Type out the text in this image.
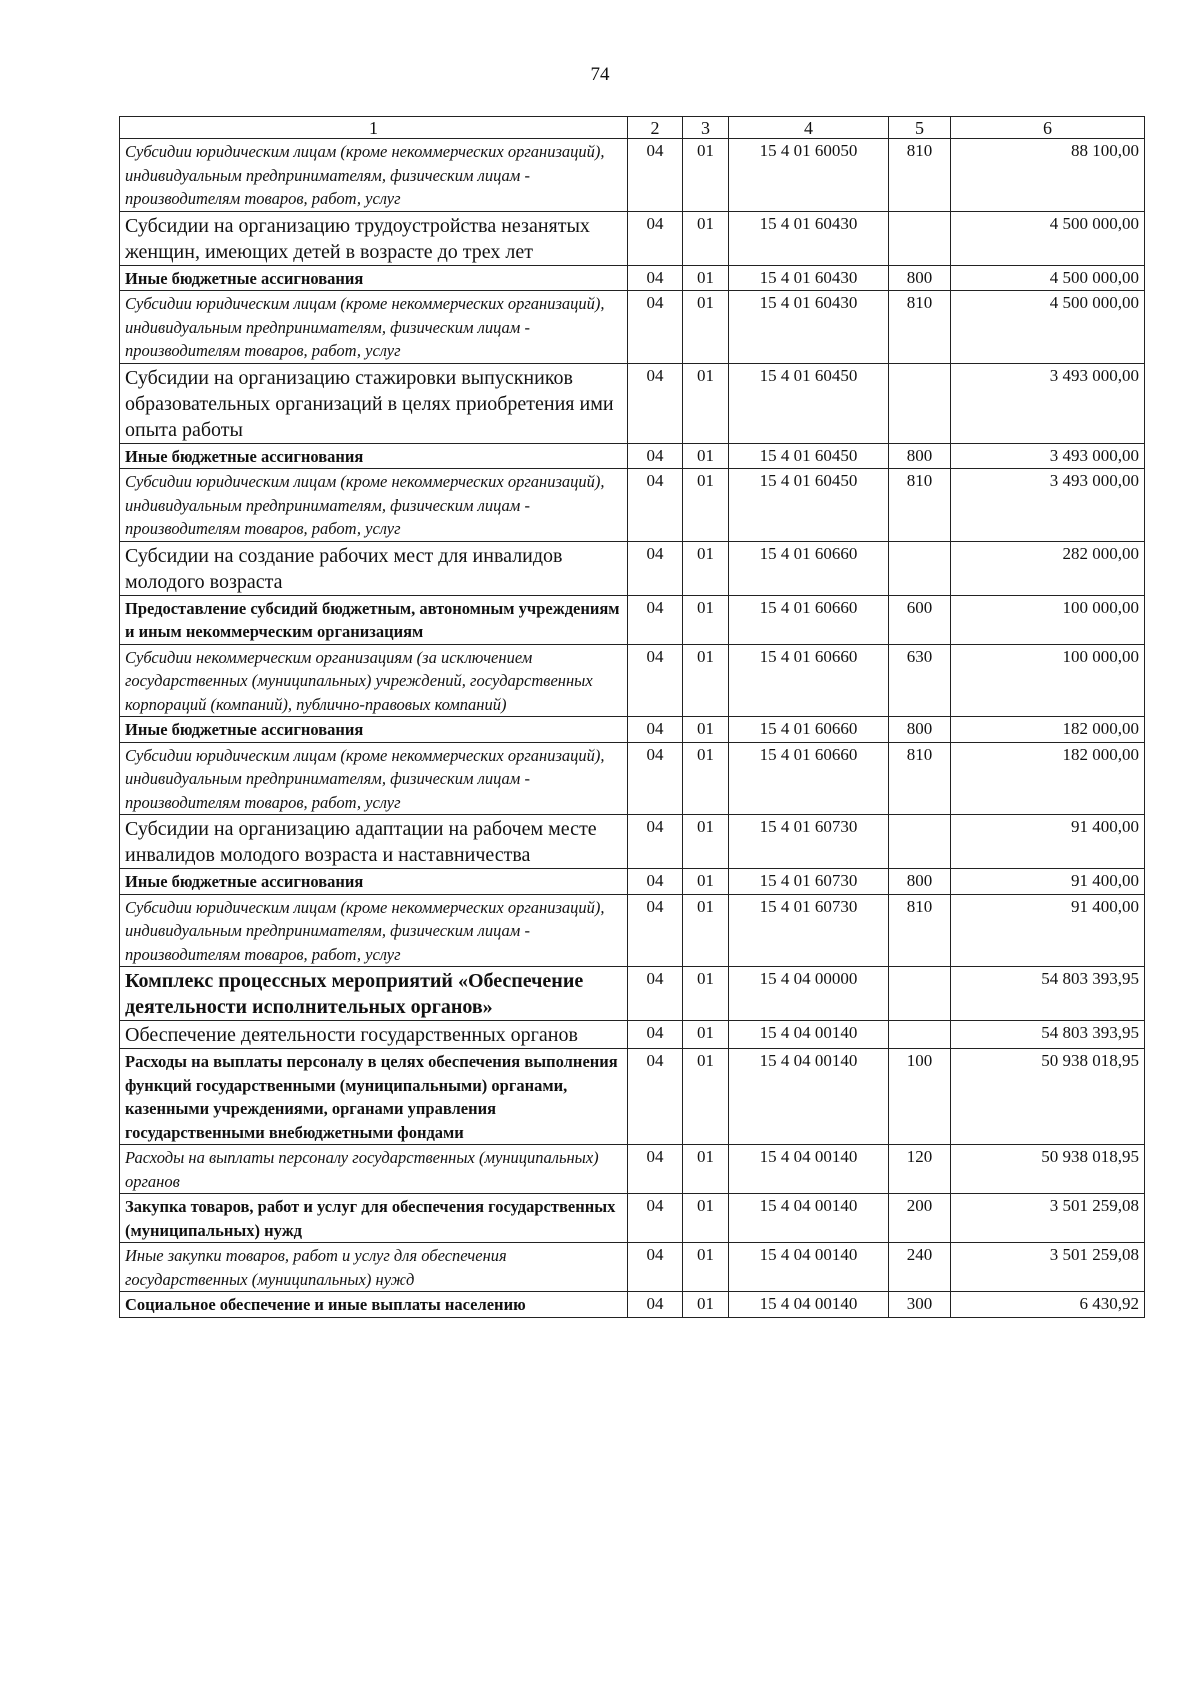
74
1	2	3	4	5	6
Субсидии юридическим лицам (кроме некоммерческих организаций), индивидуальным предпринимателям, физическим лицам - производителям товаров, работ, услуг	04	01	15 4 01 60050	810	88 100,00
Субсидии на организацию трудоустройства незанятых женщин, имеющих детей в возрасте до трех лет	04	01	15 4 01 60430		4 500 000,00
Иные бюджетные ассигнования	04	01	15 4 01 60430	800	4 500 000,00
Субсидии юридическим лицам (кроме некоммерческих организаций), индивидуальным предпринимателям, физическим лицам - производителям товаров, работ, услуг	04	01	15 4 01 60430	810	4 500 000,00
Субсидии на организацию стажировки выпускников образовательных организаций в целях приобретения ими опыта работы	04	01	15 4 01 60450		3 493 000,00
Иные бюджетные ассигнования	04	01	15 4 01 60450	800	3 493 000,00
Субсидии юридическим лицам (кроме некоммерческих организаций), индивидуальным предпринимателям, физическим лицам - производителям товаров, работ, услуг	04	01	15 4 01 60450	810	3 493 000,00
Субсидии на создание рабочих мест для инвалидов молодого возраста	04	01	15 4 01 60660		282 000,00
Предоставление субсидий бюджетным, автономным учреждениям и иным некоммерческим организациям	04	01	15 4 01 60660	600	100 000,00
Субсидии некоммерческим организациям (за исключением государственных (муниципальных) учреждений, государственных корпораций (компаний), публично-правовых компаний)	04	01	15 4 01 60660	630	100 000,00
Иные бюджетные ассигнования	04	01	15 4 01 60660	800	182 000,00
Субсидии юридическим лицам (кроме некоммерческих организаций), индивидуальным предпринимателям, физическим лицам - производителям товаров, работ, услуг	04	01	15 4 01 60660	810	182 000,00
Субсидии на организацию адаптации на рабочем месте инвалидов молодого возраста и наставничества	04	01	15 4 01 60730		91 400,00
Иные бюджетные ассигнования	04	01	15 4 01 60730	800	91 400,00
Субсидии юридическим лицам (кроме некоммерческих организаций), индивидуальным предпринимателям, физическим лицам - производителям товаров, работ, услуг	04	01	15 4 01 60730	810	91 400,00
Комплекс процессных мероприятий «Обеспечение деятельности исполнительных органов»	04	01	15 4 04 00000		54 803 393,95
Обеспечение деятельности государственных органов	04	01	15 4 04 00140		54 803 393,95
Расходы на выплаты персоналу в целях обеспечения выполнения функций государственными (муниципальными) органами, казенными учреждениями, органами управления государственными внебюджетными фондами	04	01	15 4 04 00140	100	50 938 018,95
Расходы на выплаты персоналу государственных (муниципальных) органов	04	01	15 4 04 00140	120	50 938 018,95
Закупка товаров, работ и услуг для обеспечения государственных (муниципальных) нужд	04	01	15 4 04 00140	200	3 501 259,08
Иные закупки товаров, работ и услуг для обеспечения государственных (муниципальных) нужд	04	01	15 4 04 00140	240	3 501 259,08
Социальное обеспечение и иные выплаты населению	04	01	15 4 04 00140	300	6 430,92
